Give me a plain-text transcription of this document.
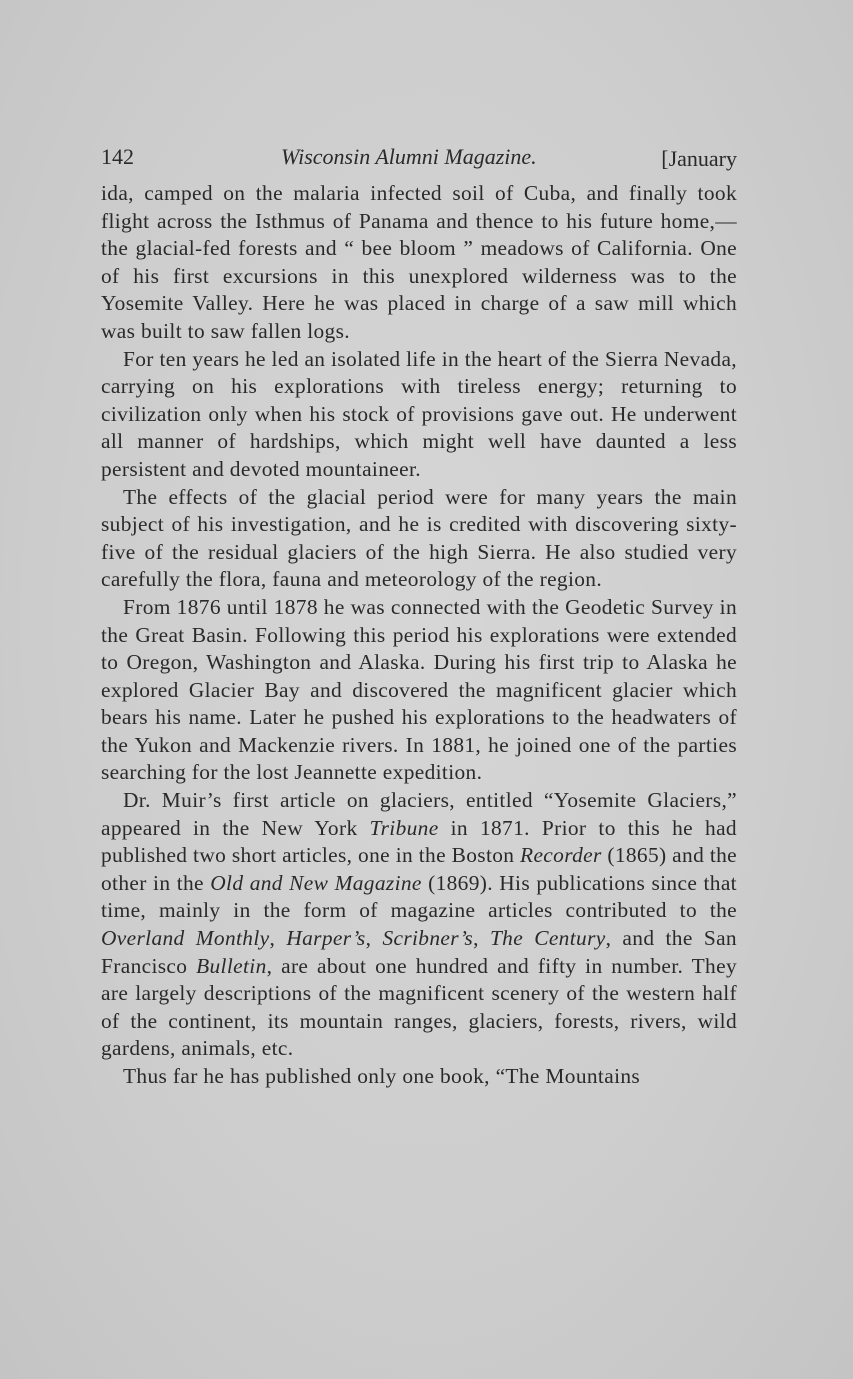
142	Wisconsin Alumni Magazine.	[January

ida, camped on the malaria infected soil of Cuba, and finally took flight across the Isthmus of Panama and thence to his future home,— the glacial-fed forests and “ bee bloom ” meadows of California. One of his first excursions in this unexplored wilderness was to the Yosemite Valley. Here he was placed in charge of a saw mill which was built to saw fallen logs.

For ten years he led an isolated life in the heart of the Sierra Nevada, carrying on his explorations with tireless energy; returning to civilization only when his stock of provisions gave out. He underwent all manner of hardships, which might well have daunted a less persistent and devoted mountaineer.

The effects of the glacial period were for many years the main subject of his investigation, and he is credited with discovering sixty-five of the residual glaciers of the high Sierra. He also studied very carefully the flora, fauna and meteorology of the region.

From 1876 until 1878 he was connected with the Geodetic Survey in the Great Basin. Following this period his explorations were extended to Oregon, Washington and Alaska. During his first trip to Alaska he explored Glacier Bay and discovered the magnificent glacier which bears his name. Later he pushed his explorations to the headwaters of the Yukon and Mackenzie rivers. In 1881, he joined one of the parties searching for the lost Jeannette expedition.

Dr. Muir’s first article on glaciers, entitled “Yosemite Glaciers,” appeared in the New York Tribune in 1871. Prior to this he had published two short articles, one in the Boston Recorder (1865) and the other in the Old and New Magazine (1869). His publications since that time, mainly in the form of magazine articles contributed to the Overland Monthly, Harper’s, Scribner’s, The Century, and the San Francisco Bulletin, are about one hundred and fifty in number. They are largely descriptions of the magnificent scenery of the western half of the continent, its mountain ranges, glaciers, forests, rivers, wild gardens, animals, etc.

Thus far he has published only one book, “The Mountains
